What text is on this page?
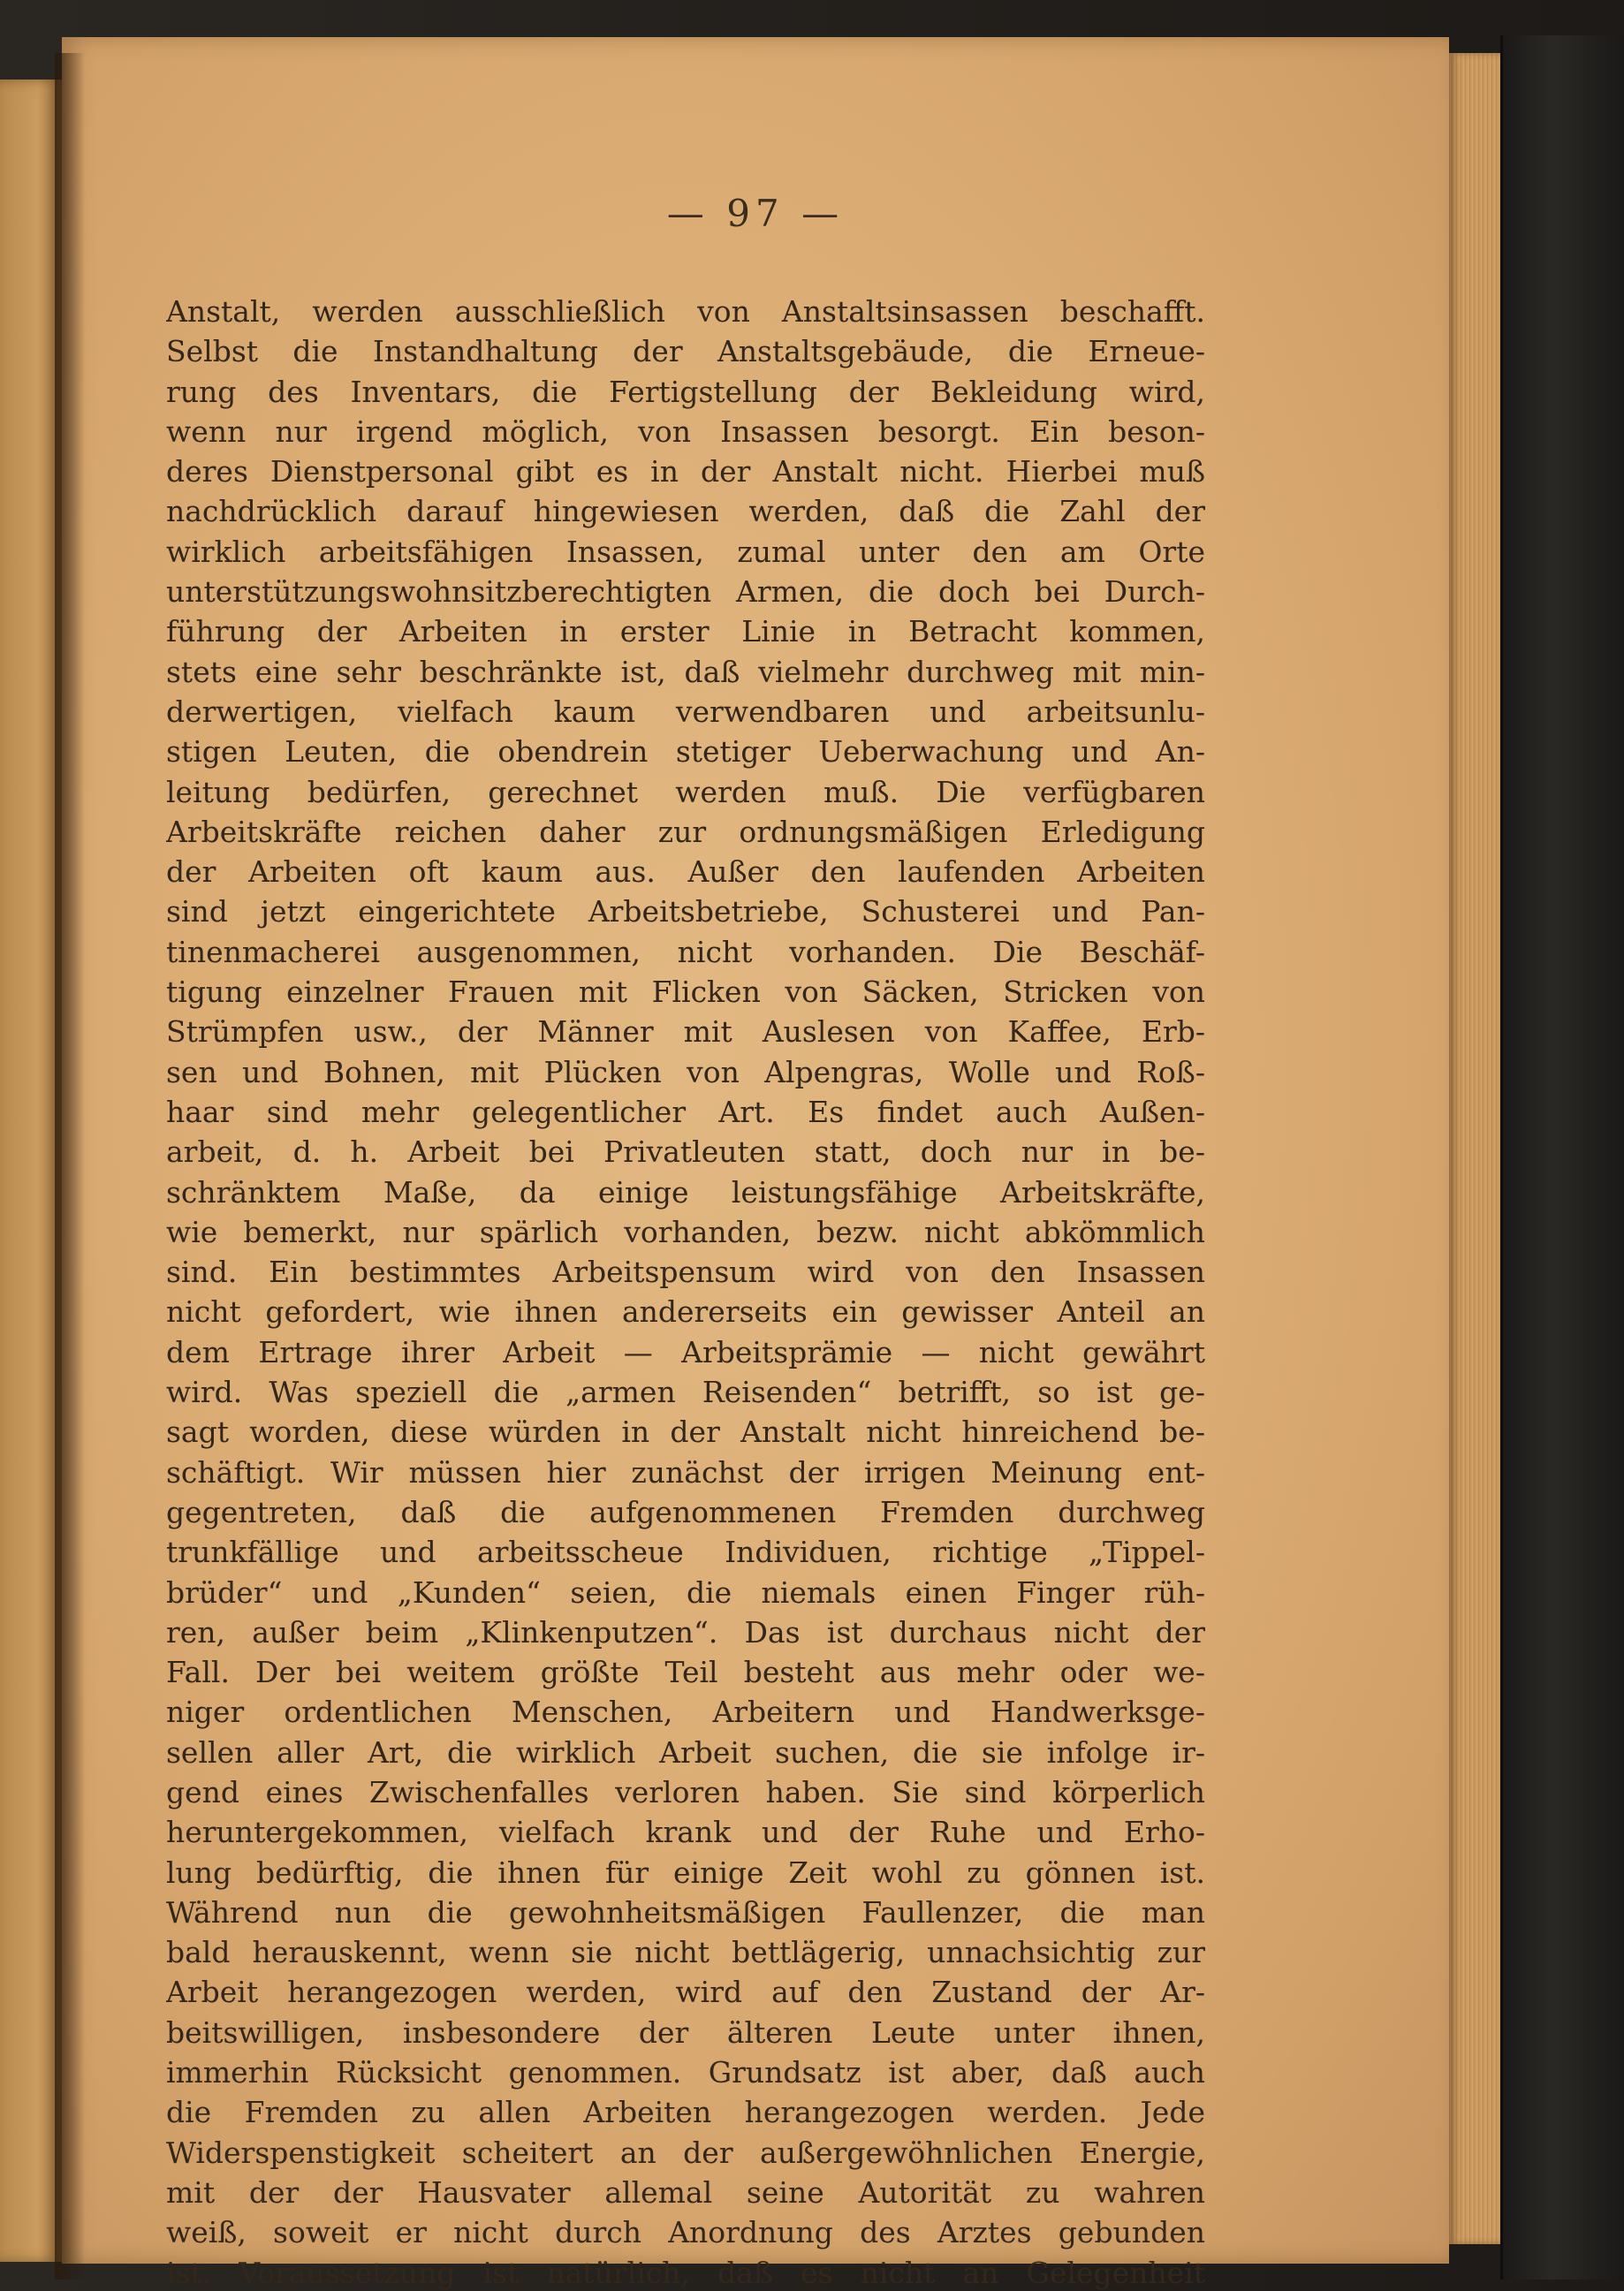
— 97 —
Anstalt, werden ausschließlich von Anstaltsinsassen beschafft.
Selbst die Instandhaltung der Anstaltsgebäude, die Erneue-
rung des Inventars, die Fertigstellung der Bekleidung wird,
wenn nur irgend möglich, von Insassen besorgt. Ein beson-
deres Dienstpersonal gibt es in der Anstalt nicht. Hierbei muß
nachdrücklich darauf hingewiesen werden, daß die Zahl der
wirklich arbeitsfähigen Insassen, zumal unter den am Orte
unterstützungswohnsitzberechtigten Armen, die doch bei Durch-
führung der Arbeiten in erster Linie in Betracht kommen,
stets eine sehr beschränkte ist, daß vielmehr durchweg mit min-
derwertigen, vielfach kaum verwendbaren und arbeitsunlu-
stigen Leuten, die obendrein stetiger Ueberwachung und An-
leitung bedürfen, gerechnet werden muß. Die verfügbaren
Arbeitskräfte reichen daher zur ordnungsmäßigen Erledigung
der Arbeiten oft kaum aus. Außer den laufenden Arbeiten
sind jetzt eingerichtete Arbeitsbetriebe, Schusterei und Pan-
tinenmacherei ausgenommen, nicht vorhanden. Die Beschäf-
tigung einzelner Frauen mit Flicken von Säcken, Stricken von
Strümpfen usw., der Männer mit Auslesen von Kaffee, Erb-
sen und Bohnen, mit Plücken von Alpengras, Wolle und Roß-
haar sind mehr gelegentlicher Art. Es findet auch Außen-
arbeit, d. h. Arbeit bei Privatleuten statt, doch nur in be-
schränktem Maße, da einige leistungsfähige Arbeitskräfte,
wie bemerkt, nur spärlich vorhanden, bezw. nicht abkömmlich
sind. Ein bestimmtes Arbeitspensum wird von den Insassen
nicht gefordert, wie ihnen andererseits ein gewisser Anteil an
dem Ertrage ihrer Arbeit — Arbeitsprämie — nicht gewährt
wird. Was speziell die „armen Reisenden“ betrifft, so ist ge-
sagt worden, diese würden in der Anstalt nicht hinreichend be-
schäftigt. Wir müssen hier zunächst der irrigen Meinung ent-
gegentreten, daß die aufgenommenen Fremden durchweg
trunkfällige und arbeitsscheue Individuen, richtige „Tippel-
brüder“ und „Kunden“ seien, die niemals einen Finger rüh-
ren, außer beim „Klinkenputzen“. Das ist durchaus nicht der
Fall. Der bei weitem größte Teil besteht aus mehr oder we-
niger ordentlichen Menschen, Arbeitern und Handwerksge-
sellen aller Art, die wirklich Arbeit suchen, die sie infolge ir-
gend eines Zwischenfalles verloren haben. Sie sind körperlich
heruntergekommen, vielfach krank und der Ruhe und Erho-
lung bedürftig, die ihnen für einige Zeit wohl zu gönnen ist.
Während nun die gewohnheitsmäßigen Faullenzer, die man
bald herauskennt, wenn sie nicht bettlägerig, unnachsichtig zur
Arbeit herangezogen werden, wird auf den Zustand der Ar-
beitswilligen, insbesondere der älteren Leute unter ihnen,
immerhin Rücksicht genommen. Grundsatz ist aber, daß auch
die Fremden zu allen Arbeiten herangezogen werden. Jede
Widerspenstigkeit scheitert an der außergewöhnlichen Energie,
mit der der Hausvater allemal seine Autorität zu wahren
weiß, soweit er nicht durch Anordnung des Arztes gebunden
ist. Voraussetzung ist natürlich, daß es nicht an Gelegenheit
